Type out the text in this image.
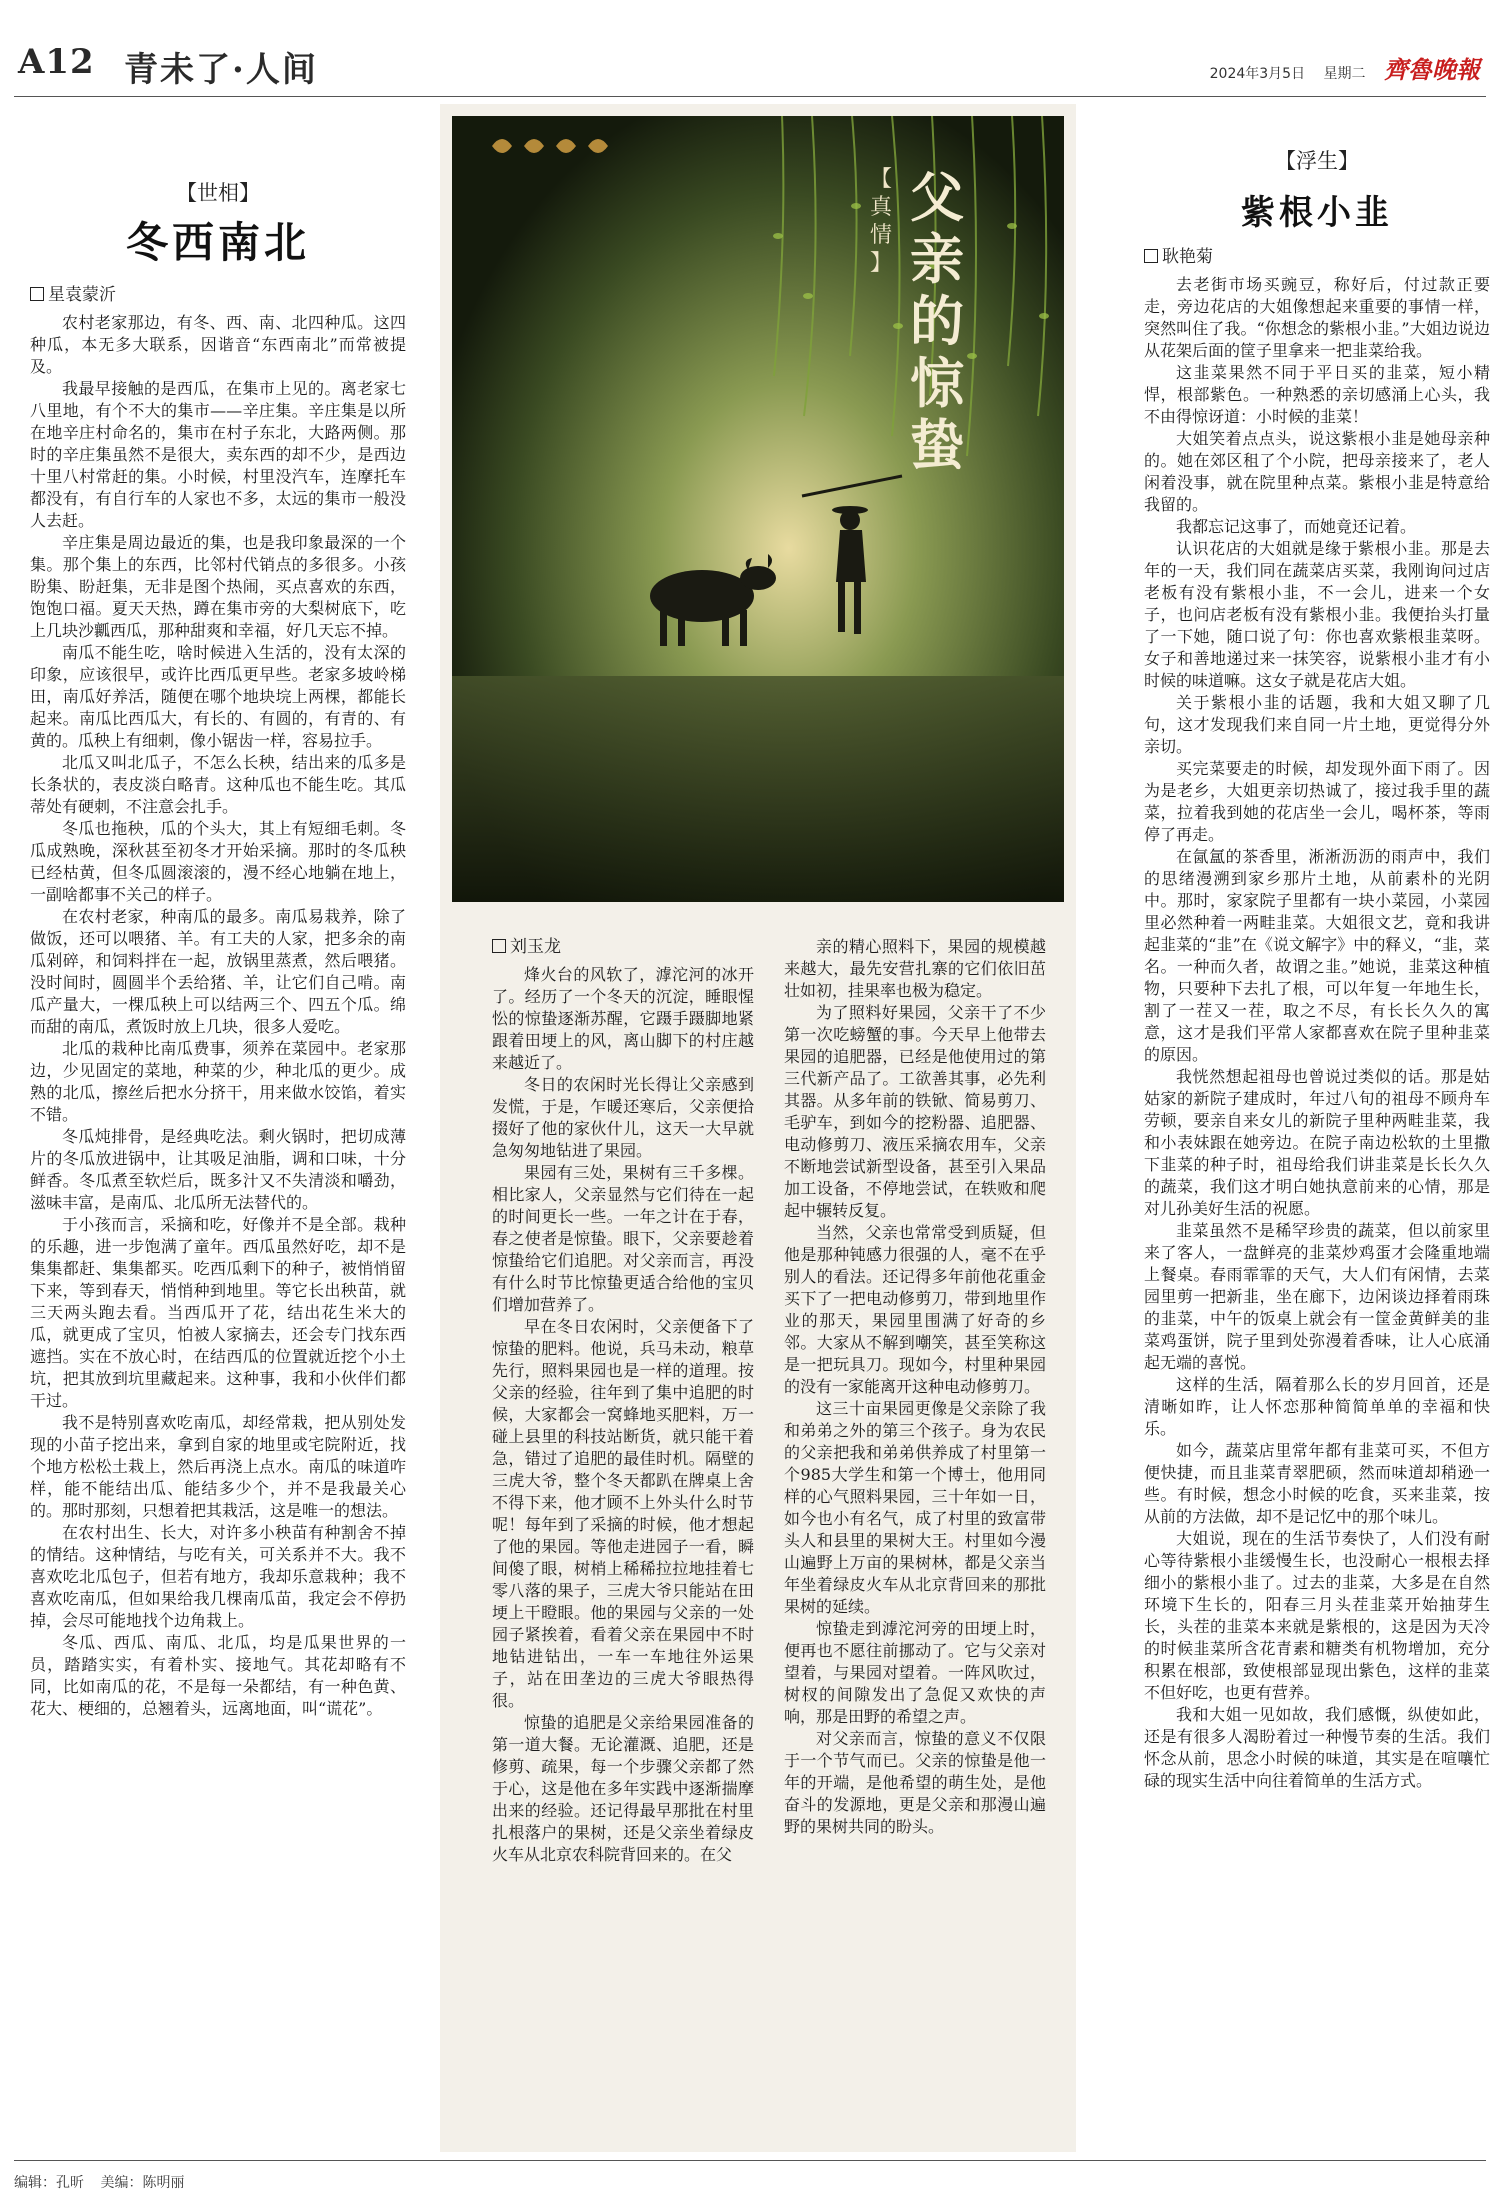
A12 青未了·人间	2024年3月5日 星期二 齊魯晚報
【世相】
冬西南北
星袁蒙沂

农村老家那边，有冬、西、南、北四种瓜。这四种瓜，本无多大联系，因谐音“东西南北”而常被提及。

我最早接触的是西瓜，在集市上见的。离老家七八里地，有个不大的集市——辛庄集。辛庄集是以所在地辛庄村命名的，集市在村子东北，大路两侧。那时的辛庄集虽然不是很大，卖东西的却不少，是西边十里八村常赶的集。小时候，村里没汽车，连摩托车都没有，有自行车的人家也不多，太远的集市一般没人去赶。

辛庄集是周边最近的集，也是我印象最深的一个集。那个集上的东西，比邻村代销点的多很多。小孩盼集、盼赶集，无非是图个热闹，买点喜欢的东西，饱饱口福。夏天天热，蹲在集市旁的大梨树底下，吃上几块沙瓤西瓜，那种甜爽和幸福，好几天忘不掉。

南瓜不能生吃，啥时候进入生活的，没有太深的印象，应该很早，或许比西瓜更早些。老家多坡岭梯田，南瓜好养活，随便在哪个地块垸上两棵，都能长起来。南瓜比西瓜大，有长的、有圆的，有青的、有黄的。瓜秧上有细刺，像小锯齿一样，容易拉手。

北瓜又叫北瓜子，不怎么长秧，结出来的瓜多是长条状的，表皮淡白略青。这种瓜也不能生吃。其瓜蒂处有硬刺，不注意会扎手。

冬瓜也拖秧，瓜的个头大，其上有短细毛刺。冬瓜成熟晚，深秋甚至初冬才开始采摘。那时的冬瓜秧已经枯黄，但冬瓜圆滚滚的，漫不经心地躺在地上，一副啥都事不关己的样子。

在农村老家，种南瓜的最多。南瓜易栽养，除了做饭，还可以喂猪、羊。有工夫的人家，把多余的南瓜剁碎，和饲料拌在一起，放锅里蒸煮，然后喂猪。没时间时，圆圆半个丢给猪、羊，让它们自己啃。南瓜产量大，一棵瓜秧上可以结两三个、四五个瓜。绵而甜的南瓜，煮饭时放上几块，很多人爱吃。

北瓜的栽种比南瓜费事，须养在菜园中。老家那边，少见固定的菜地，种菜的少，种北瓜的更少。成熟的北瓜，擦丝后把水分挤干，用来做水饺馅，着实不错。

冬瓜炖排骨，是经典吃法。剩火锅时，把切成薄片的冬瓜放进锅中，让其吸足油脂，调和口味，十分鲜香。冬瓜煮至软烂后，既多汁又不失清淡和嚼劲，滋味丰富，是南瓜、北瓜所无法替代的。

于小孩而言，采摘和吃，好像并不是全部。栽种的乐趣，进一步饱满了童年。西瓜虽然好吃，却不是集集都赶、集集都买。吃西瓜剩下的种子，被悄悄留下来，等到春天，悄悄种到地里。等它长出秧苗，就三天两头跑去看。当西瓜开了花，结出花生米大的瓜，就更成了宝贝，怕被人家摘去，还会专门找东西遮挡。实在不放心时，在结西瓜的位置就近挖个小土坑，把其放到坑里藏起来。这种事，我和小伙伴们都干过。

我不是特别喜欢吃南瓜，却经常栽，把从别处发现的小苗子挖出来，拿到自家的地里或宅院附近，找个地方松松土栽上，然后再浇上点水。南瓜的味道咋样，能不能结出瓜、能结多少个，并不是我最关心的。那时那刻，只想着把其栽活，这是唯一的想法。

在农村出生、长大，对许多小秧苗有种割舍不掉的情结。这种情结，与吃有关，可关系并不大。我不喜欢吃北瓜包子，但若有地方，我却乐意栽种；我不喜欢吃南瓜，但如果给我几棵南瓜苗，我定会不停扔掉，会尽可能地找个边角栽上。

冬瓜、西瓜、南瓜、北瓜，均是瓜果世界的一员，踏踏实实，有着朴实、接地气。其花却略有不同，比如南瓜的花，不是每一朵都结，有一种色黄、花大、梗细的，总翘着头，远离地面，叫“谎花”。

【
真
情
】
父
亲
的
惊
蛰
刘玉龙

烽火台的风软了，滹沱河的冰开了。经历了一个冬天的沉淀，睡眼惺忪的惊蛰逐渐苏醒，它蹑手蹑脚地紧跟着田埂上的风，离山脚下的村庄越来越近了。

冬日的农闲时光长得让父亲感到发慌，于是，乍暖还寒后，父亲便拾掇好了他的家伙什儿，这天一大早就急匆匆地钻进了果园。

果园有三处，果树有三千多棵。相比家人，父亲显然与它们待在一起的时间更长一些。一年之计在于春，春之使者是惊蛰。眼下，父亲要趁着惊蛰给它们追肥。对父亲而言，再没有什么时节比惊蛰更适合给他的宝贝们增加营养了。

早在冬日农闲时，父亲便备下了惊蛰的肥料。他说，兵马未动，粮草先行，照料果园也是一样的道理。按父亲的经验，往年到了集中追肥的时候，大家都会一窝蜂地买肥料，万一碰上县里的科技站断货，就只能干着急，错过了追肥的最佳时机。隔壁的三虎大爷，整个冬天都趴在牌桌上舍不得下来，他才顾不上外头什么时节呢！每年到了采摘的时候，他才想起了他的果园。等他走进园子一看，瞬间傻了眼，树梢上稀稀拉拉地挂着七零八落的果子，三虎大爷只能站在田埂上干瞪眼。他的果园与父亲的一处园子紧挨着，看着父亲在果园中不时地钻进钻出，一车一车地往外运果子，站在田垄边的三虎大爷眼热得很。

惊蛰的追肥是父亲给果园准备的第一道大餐。无论灌溉、追肥，还是修剪、疏果，每一个步骤父亲都了然于心，这是他在多年实践中逐渐揣摩出来的经验。还记得最早那批在村里扎根落户的果树，还是父亲坐着绿皮火车从北京农科院背回来的。在父

亲的精心照料下，果园的规模越来越大，最先安营扎寨的它们依旧茁壮如初，挂果率也极为稳定。

为了照料好果园，父亲干了不少第一次吃螃蟹的事。今天早上他带去果园的追肥器，已经是他使用过的第三代新产品了。工欲善其事，必先利其器。从多年前的铁锨、简易剪刀、毛驴车，到如今的挖粉器、追肥器、电动修剪刀、液压采摘农用车，父亲不断地尝试新型设备，甚至引入果品加工设备，不停地尝试，在轶败和爬起中辗转反复。

当然，父亲也常常受到质疑，但他是那种钝感力很强的人，毫不在乎别人的看法。还记得多年前他花重金买下了一把电动修剪刀，带到地里作业的那天，果园里围满了好奇的乡邻。大家从不解到嘲笑，甚至笑称这是一把玩具刀。现如今，村里种果园的没有一家能离开这种电动修剪刀。

这三十亩果园更像是父亲除了我和弟弟之外的第三个孩子。身为农民的父亲把我和弟弟供养成了村里第一个985大学生和第一个博士，他用同样的心气照料果园，三十年如一日，如今也小有名气，成了村里的致富带头人和县里的果树大王。村里如今漫山遍野上万亩的果树林，都是父亲当年坐着绿皮火车从北京背回来的那批果树的延续。

惊蛰走到滹沱河旁的田埂上时，便再也不愿往前挪动了。它与父亲对望着，与果园对望着。一阵风吹过，树杈的间隙发出了急促又欢快的声响，那是田野的希望之声。

对父亲而言，惊蛰的意义不仅限于一个节气而已。父亲的惊蛰是他一年的开端，是他希望的萌生处，是他奋斗的发源地，更是父亲和那漫山遍野的果树共同的盼头。

【浮生】
紫根小韭
耿艳菊

去老街市场买豌豆，称好后，付过款正要走，旁边花店的大姐像想起来重要的事情一样，突然叫住了我。“你想念的紫根小韭。”大姐边说边从花架后面的筐子里拿来一把韭菜给我。

这韭菜果然不同于平日买的韭菜，短小精悍，根部紫色。一种熟悉的亲切感涌上心头，我不由得惊讶道：小时候的韭菜！

大姐笑着点点头，说这紫根小韭是她母亲种的。她在郊区租了个小院，把母亲接来了，老人闲着没事，就在院里种点菜。紫根小韭是特意给我留的。

我都忘记这事了，而她竟还记着。

认识花店的大姐就是缘于紫根小韭。那是去年的一天，我们同在蔬菜店买菜，我刚询问过店老板有没有紫根小韭，不一会儿，进来一个女子，也问店老板有没有紫根小韭。我便抬头打量了一下她，随口说了句：你也喜欢紫根韭菜呀。女子和善地递过来一抹笑容，说紫根小韭才有小时候的味道嘛。这女子就是花店大姐。

关于紫根小韭的话题，我和大姐又聊了几句，这才发现我们来自同一片土地，更觉得分外亲切。

买完菜要走的时候，却发现外面下雨了。因为是老乡，大姐更亲切热诚了，接过我手里的蔬菜，拉着我到她的花店坐一会儿，喝杯茶，等雨停了再走。

在氤氲的茶香里，淅淅沥沥的雨声中，我们的思绪漫溯到家乡那片土地，从前素朴的光阴中。那时，家家院子里都有一块小菜园，小菜园里必然种着一两畦韭菜。大姐很文艺，竟和我讲起韭菜的“韭”在《说文解字》中的释义，“韭，菜名。一种而久者，故谓之韭。”她说，韭菜这种植物，只要种下去扎了根，可以年复一年地生长，割了一茬又一茬，取之不尽，有长长久久的寓意，这才是我们平常人家都喜欢在院子里种韭菜的原因。

我恍然想起祖母也曾说过类似的话。那是姑姑家的新院子建成时，年过八旬的祖母不顾舟车劳顿，要亲自来女儿的新院子里种两畦韭菜，我和小表妹跟在她旁边。在院子南边松软的土里撒下韭菜的种子时，祖母给我们讲韭菜是长长久久的蔬菜，我们这才明白她执意前来的心情，那是对儿孙美好生活的祝愿。

韭菜虽然不是稀罕珍贵的蔬菜，但以前家里来了客人，一盘鲜亮的韭菜炒鸡蛋才会隆重地端上餐桌。春雨霏霏的天气，大人们有闲情，去菜园里剪一把新韭，坐在廊下，边闲谈边择着雨珠的韭菜，中午的饭桌上就会有一筐金黄鲜美的韭菜鸡蛋饼，院子里到处弥漫着香味，让人心底涌起无端的喜悦。

这样的生活，隔着那么长的岁月回首，还是清晰如昨，让人怀恋那种简简单单的幸福和快乐。

如今，蔬菜店里常年都有韭菜可买，不但方便快捷，而且韭菜青翠肥硕，然而味道却稍逊一些。有时候，想念小时候的吃食，买来韭菜，按从前的方法做，却不是记忆中的那个味儿。

大姐说，现在的生活节奏快了，人们没有耐心等待紫根小韭缓慢生长，也没耐心一根根去择细小的紫根小韭了。过去的韭菜，大多是在自然环境下生长的，阳春三月头茬韭菜开始抽芽生长，头茬的韭菜本来就是紫根的，这是因为天冷的时候韭菜所含花青素和糖类有机物增加，充分积累在根部，致使根部显现出紫色，这样的韭菜不但好吃，也更有营养。

我和大姐一见如故，我们感慨，纵使如此，还是有很多人渴盼着过一种慢节奏的生活。我们怀念从前，思念小时候的味道，其实是在喧嚷忙碌的现实生活中向往着简单的生活方式。

编辑：孔昕 美编：陈明丽
